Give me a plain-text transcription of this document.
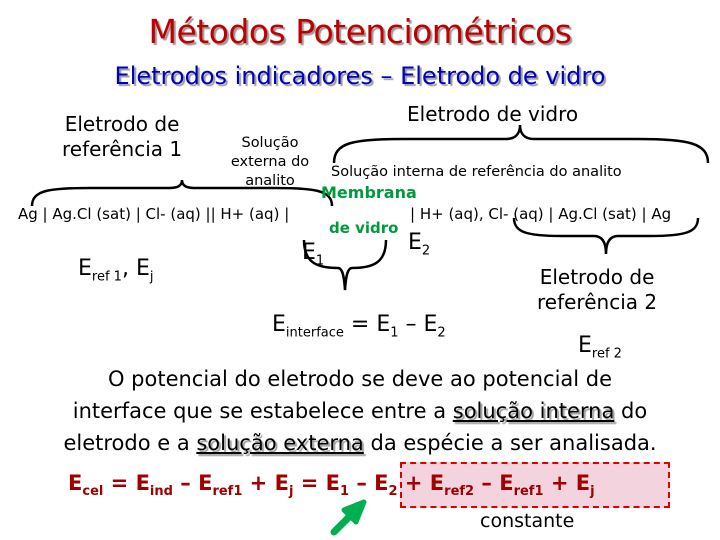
Métodos Potenciométricos
Eletrodos indicadores – Eletrodo de vidro
Eletrodo de
referência 1
Eletrodo de vidro
Solução
externa do
analito
Solução interna de referência do analito
Membrana
de vidro
Ag | Ag.Cl (sat) | Cl- (aq) || H+ (aq) |	| H+ (aq), Cl- (aq) | Ag.Cl (sat) | Ag
$E_{ref 1}$, $E_j$
$E_1$
$E_2$
$E_{interface} = E_1 - E_2$
Eletrodo de
referência 2
$E_{ref 2}$
O potencial do eletrodo se deve ao potencial de
interface que se estabelece entre a solução interna do
eletrodo e a solução externa da espécie a ser analisada.
$E_{cel} = E_{ind} - E_{ref1} + E_j = E_1 - E_2 + E_{ref2} - E_{ref1} + E_j$
constante
